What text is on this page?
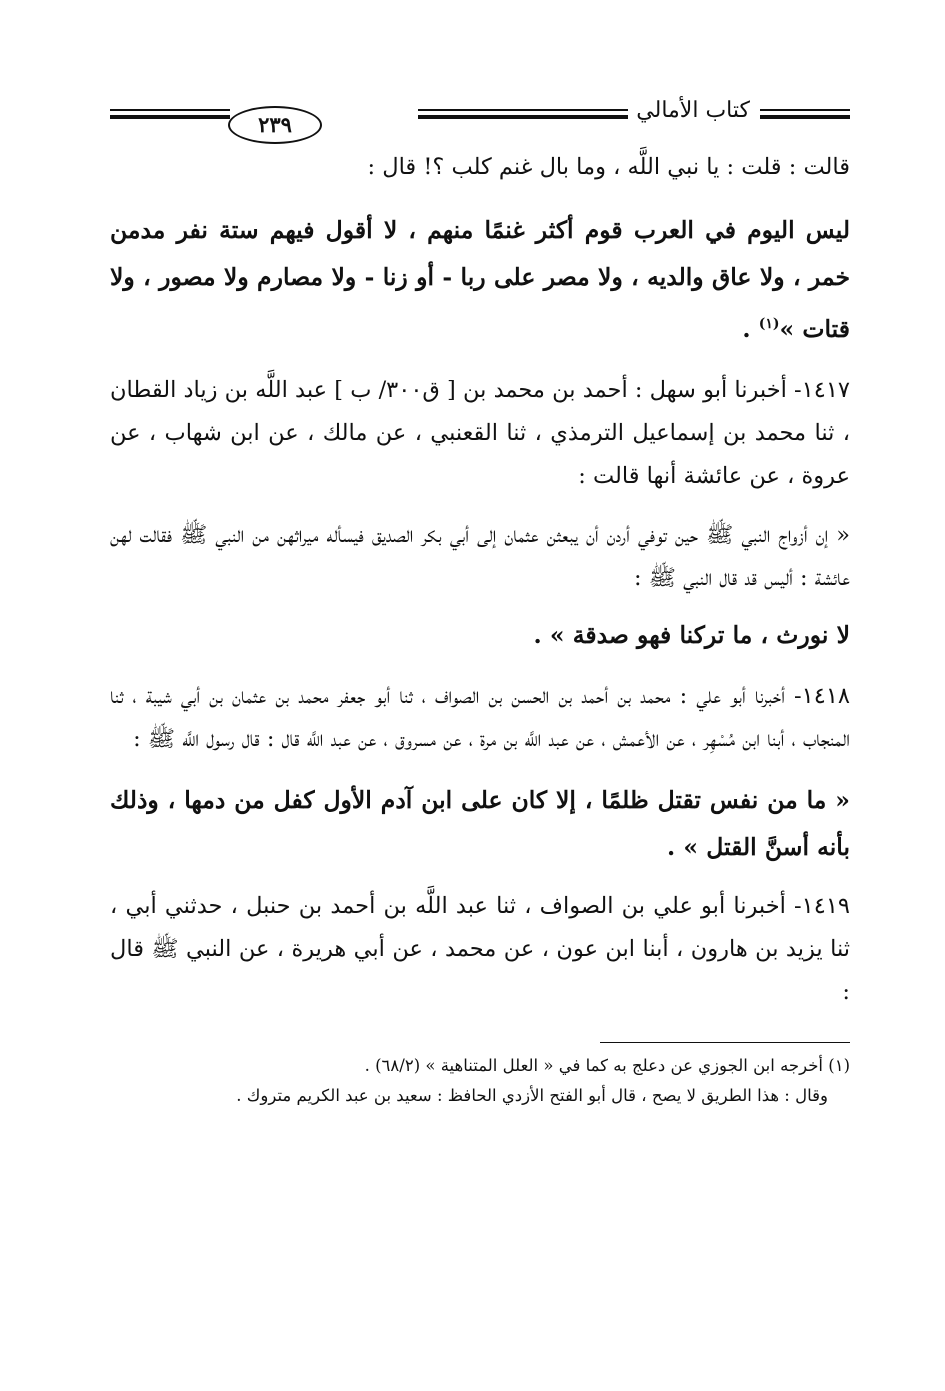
كتاب الأمالي
٢٣٩

قالت : قلت : يا نبي اللَّه ، وما بال غنم كلب ؟! قال :

ليس اليوم في العرب قوم أكثر غنمًا منهم ، لا أقول فيهم ستة نفر مدمن خمر ، ولا عاق والديه ، ولا مصر على ربا - أو زنا - ولا مصارم ولا مصور ، ولا قتات »$^{(١)}$ .

١٤١٧- أخبرنا أبو سهل : أحمد بن محمد بن [ ق٣٠٠/ ب ] عبد اللَّه بن زياد القطان ، ثنا محمد بن إسماعيل الترمذي ، ثنا القعنبي ، عن مالك ، عن ابن شهاب ، عن عروة ، عن عائشة أنها قالت :

« إن أزواج النبي ﷺ حين توفي أردن أن يبعثن عثمان إلى أبي بكر الصديق فيسأله ميراثهن من النبي ﷺ فقالت لهن عائشة : أليس قد قال النبي ﷺ :

لا نورث ، ما تركنا فهو صدقة » .

١٤١٨- أخبرنا أبو علي : محمد بن أحمد بن الحسن بن الصواف ، ثنا أبو جعفر محمد بن عثمان بن أبي شيبة ، ثنا المنجاب ، أبنا ابن مُسْهِر ، عن الأعمش ، عن عبد اللَّه بن مرة ، عن مسروق ، عن عبد اللَّه قال : قال رسول اللَّه ﷺ :

« ما من نفس تقتل ظلمًا ، إلا كان على ابن آدم الأول كفل من دمها ، وذلك بأنه أسنَّ القتل » .

١٤١٩- أخبرنا أبو علي بن الصواف ، ثنا عبد اللَّه بن أحمد بن حنبل ، حدثني أبي ، ثنا يزيد بن هارون ، أبنا ابن عون ، عن محمد ، عن أبي هريرة ، عن النبي ﷺ قال :

(١) أخرجه ابن الجوزي عن دعلج به كما في « العلل المتناهية » (٦٨/٢) .

وقال : هذا الطريق لا يصح ، قال أبو الفتح الأزدي الحافظ : سعيد بن عبد الكريم متروك .
